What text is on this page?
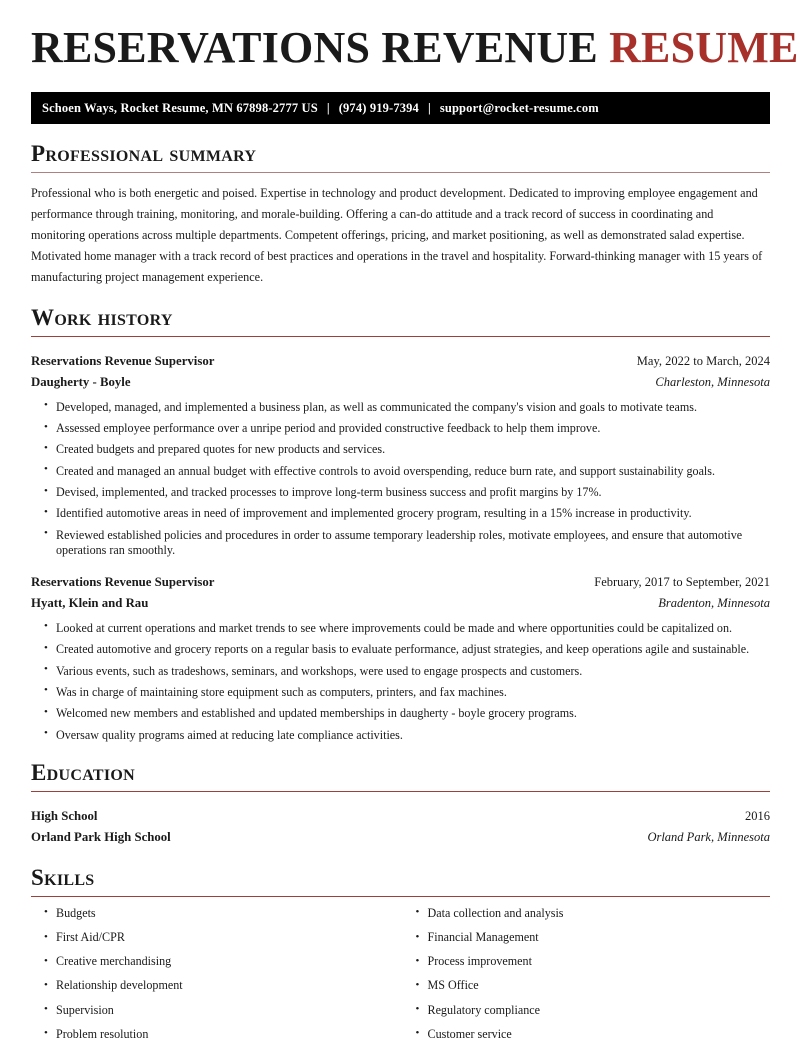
RESERVATIONS REVENUE RESUME
Schoen Ways, Rocket Resume, MN 67898-2777 US | (974) 919-7394 | support@rocket-resume.com
Professional summary

Professional who is both energetic and poised. Expertise in technology and product development. Dedicated to improving employee engagement and performance through training, monitoring, and morale-building. Offering a can-do attitude and a track record of success in coordinating and monitoring operations across multiple departments. Competent offerings, pricing, and market positioning, as well as demonstrated salad expertise. Motivated home manager with a track record of best practices and operations in the travel and hospitality. Forward-thinking manager with 15 years of manufacturing project management experience.

Work history
Reservations Revenue Supervisor	May, 2022 to March, 2024
Daugherty - Boyle	Charleston, Minnesota
• Developed, managed, and implemented a business plan, as well as communicated the company's vision and goals to motivate teams.
• Assessed employee performance over a unripe period and provided constructive feedback to help them improve.
• Created budgets and prepared quotes for new products and services.
• Created and managed an annual budget with effective controls to avoid overspending, reduce burn rate, and support sustainability goals.
• Devised, implemented, and tracked processes to improve long-term business success and profit margins by 17%.
• Identified automotive areas in need of improvement and implemented grocery program, resulting in a 15% increase in productivity.
• Reviewed established policies and procedures in order to assume temporary leadership roles, motivate employees, and ensure that automotive operations ran smoothly.
Reservations Revenue Supervisor	February, 2017 to September, 2021
Hyatt, Klein and Rau	Bradenton, Minnesota
• Looked at current operations and market trends to see where improvements could be made and where opportunities could be capitalized on.
• Created automotive and grocery reports on a regular basis to evaluate performance, adjust strategies, and keep operations agile and sustainable.
• Various events, such as tradeshows, seminars, and workshops, were used to engage prospects and customers.
• Was in charge of maintaining store equipment such as computers, printers, and fax machines.
• Welcomed new members and established and updated memberships in daugherty - boyle grocery programs.
• Oversaw quality programs aimed at reducing late compliance activities.
Education
High School	2016
Orland Park High School	Orland Park, Minnesota
Skills
• Budgets
• First Aid/CPR
• Creative merchandising
• Relationship development
• Supervision
• Problem resolution
• Data collection and analysis
• Financial Management
• Process improvement
• MS Office
• Regulatory compliance
• Customer service
